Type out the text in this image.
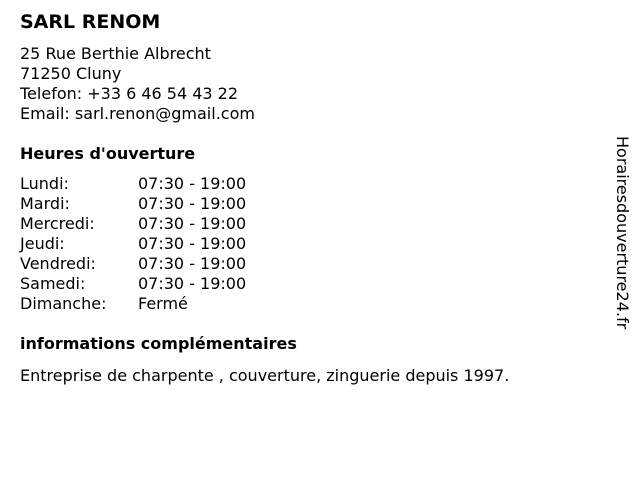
SARL RENOM
25 Rue Berthie Albrecht
71250 Cluny
Telefon: +33 6 46 54 43 22
Email: sarl.renon@gmail.com
Heures d'ouverture
Lundi:	07:30 - 19:00
Mardi:	07:30 - 19:00
Mercredi:	07:30 - 19:00
Jeudi:	07:30 - 19:00
Vendredi:	07:30 - 19:00
Samedi:	07:30 - 19:00
Dimanche:	Fermé
informations complémentaires
Entreprise de charpente , couverture, zinguerie depuis 1997.
Horairesdouverture24.fr
